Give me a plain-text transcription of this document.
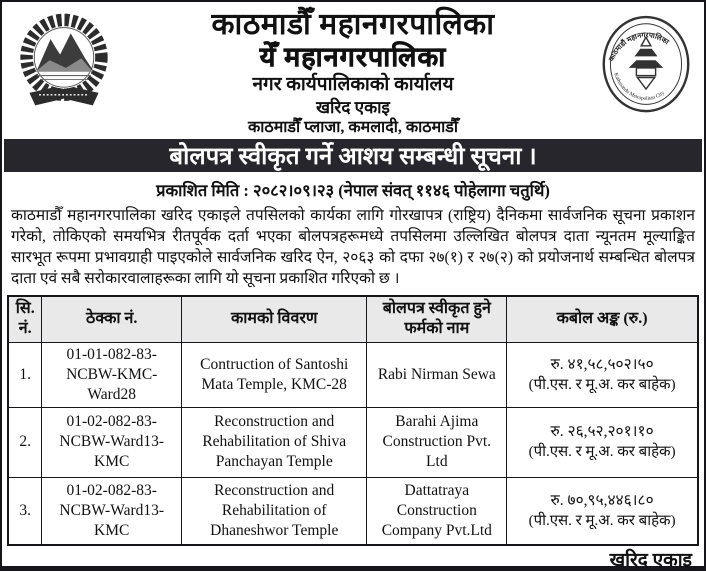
काठमाडौं महानगरपालिका
Kathmandu Metropolitan City
काठमाडौँ महानगरपालिका
येँ महानगरपालिका
नगर कार्यपालिकाको कार्यालय
खरिद एकाइ
काठमाडौँ प्लाजा, कमलादी, काठमाडौँ
बोलपत्र स्वीकृत गर्ने आशय सम्बन्धी सूचना ।
प्रकाशित मिति : २०८२।०९।२३ (नेपाल संवत् ११४६ पोहेलागा चतुर्थि)
काठमाडौँ महानगरपालिका खरिद एकाइले तपसिलको कार्यका लागि गोरखापत्र (राष्ट्रिय) दैनिकमा सार्वजनिक सूचना प्रकाशन गरेको, तोकिएको समयभित्र रीतपूर्वक दर्ता भएका बोलपत्रहरूमध्ये तपसिलमा उल्लिखित बोलपत्र दाता न्यूनतम मूल्याङ्कित सारभूत रूपमा प्रभावग्राही पाइएकोले सार्वजनिक खरिद ऐन, २०६३ को दफा २७(१) र २७(२) को प्रयोजनार्थ सम्बन्धित बोलपत्र दाता एवं सबै सरोकारवालाहरूका लागि यो सूचना प्रकाशित गरिएको छ ।
सि. नं.	ठेक्का नं.	कामको विवरण	बोलपत्र स्वीकृत हुने फर्मको नाम	कबोल अङ्क (रु.)
1.	01-01-082-83-NCBW-KMC-Ward28	Contruction of Santoshi Mata Temple, KMC-28	Rabi Nirman Sewa	रु. ४१,५८,५०२।५०
(पी.एस. र मू.अ. कर बाहेक)

2.	01-02-082-83-NCBW-Ward13-KMC	Reconstruction and Rehabilitation of Shiva Panchayan Temple	Barahi Ajima Construction Pvt. Ltd	रु. २६,५२,२०१।१०
(पी.एस. र मू.अ. कर बाहेक)

3.	01-02-082-83-NCBW-Ward13-KMC	Reconstruction and Rehabilitation of Dhaneshwor Temple	Dattatraya Construction Company Pvt.Ltd	रु. ७०,९५,४४६।८०
(पी.एस. र मू.अ. कर बाहेक)
खरिद एकाइ
